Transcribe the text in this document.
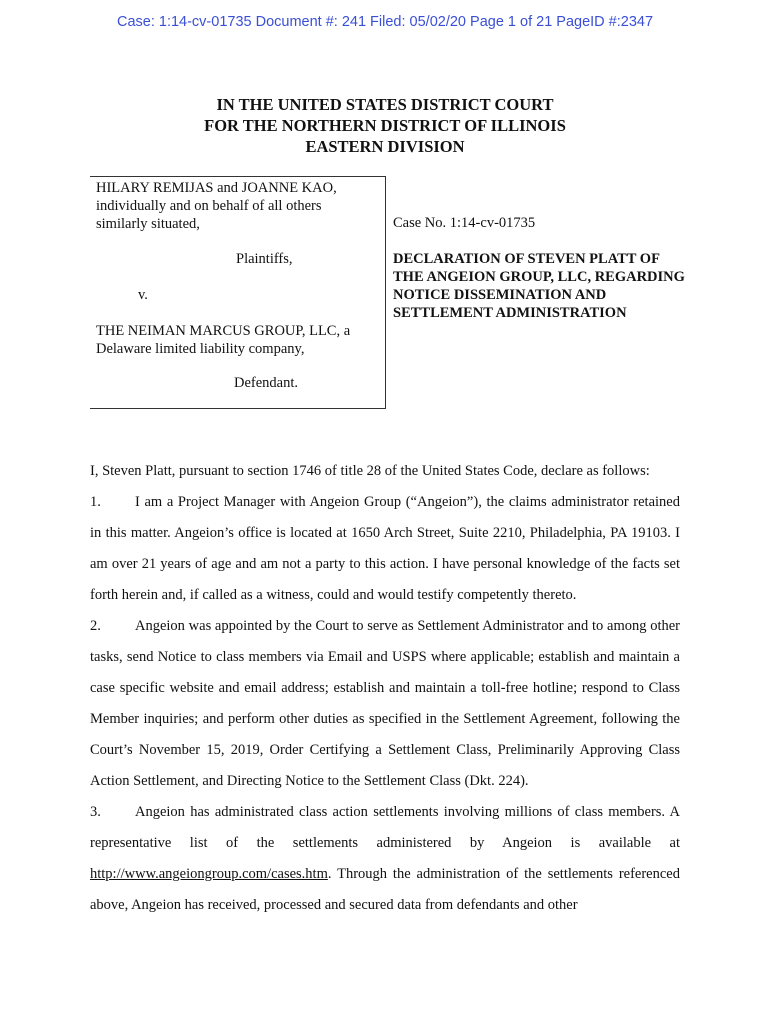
Case: 1:14-cv-01735 Document #: 241 Filed: 05/02/20 Page 1 of 21 PageID #:2347
IN THE UNITED STATES DISTRICT COURT
FOR THE NORTHERN DISTRICT OF ILLINOIS
EASTERN DIVISION
HILARY REMIJAS and JOANNE KAO, individually and on behalf of all others similarly situated,
Plaintiffs,
v.
THE NEIMAN MARCUS GROUP, LLC, a Delaware limited liability company,
Defendant.
Case No. 1:14-cv-01735
DECLARATION OF STEVEN PLATT OF THE ANGEION GROUP, LLC, REGARDING NOTICE DISSEMINATION AND SETTLEMENT ADMINISTRATION

I, Steven Platt, pursuant to section 1746 of title 28 of the United States Code, declare as follows:

1. I am a Project Manager with Angeion Group (“Angeion”), the claims administrator retained in this matter. Angeion’s office is located at 1650 Arch Street, Suite 2210, Philadelphia, PA 19103. I am over 21 years of age and am not a party to this action. I have personal knowledge of the facts set forth herein and, if called as a witness, could and would testify competently thereto.

2. Angeion was appointed by the Court to serve as Settlement Administrator and to among other tasks, send Notice to class members via Email and USPS where applicable; establish and maintain a case specific website and email address; establish and maintain a toll-free hotline; respond to Class Member inquiries; and perform other duties as specified in the Settlement Agreement, following the Court’s November 15, 2019, Order Certifying a Settlement Class, Preliminarily Approving Class Action Settlement, and Directing Notice to the Settlement Class (Dkt. 224).

3. Angeion has administrated class action settlements involving millions of class members. A representative list of the settlements administered by Angeion is available at http://www.angeiongroup.com/cases.htm. Through the administration of the settlements referenced above, Angeion has received, processed and secured data from defendants and other
